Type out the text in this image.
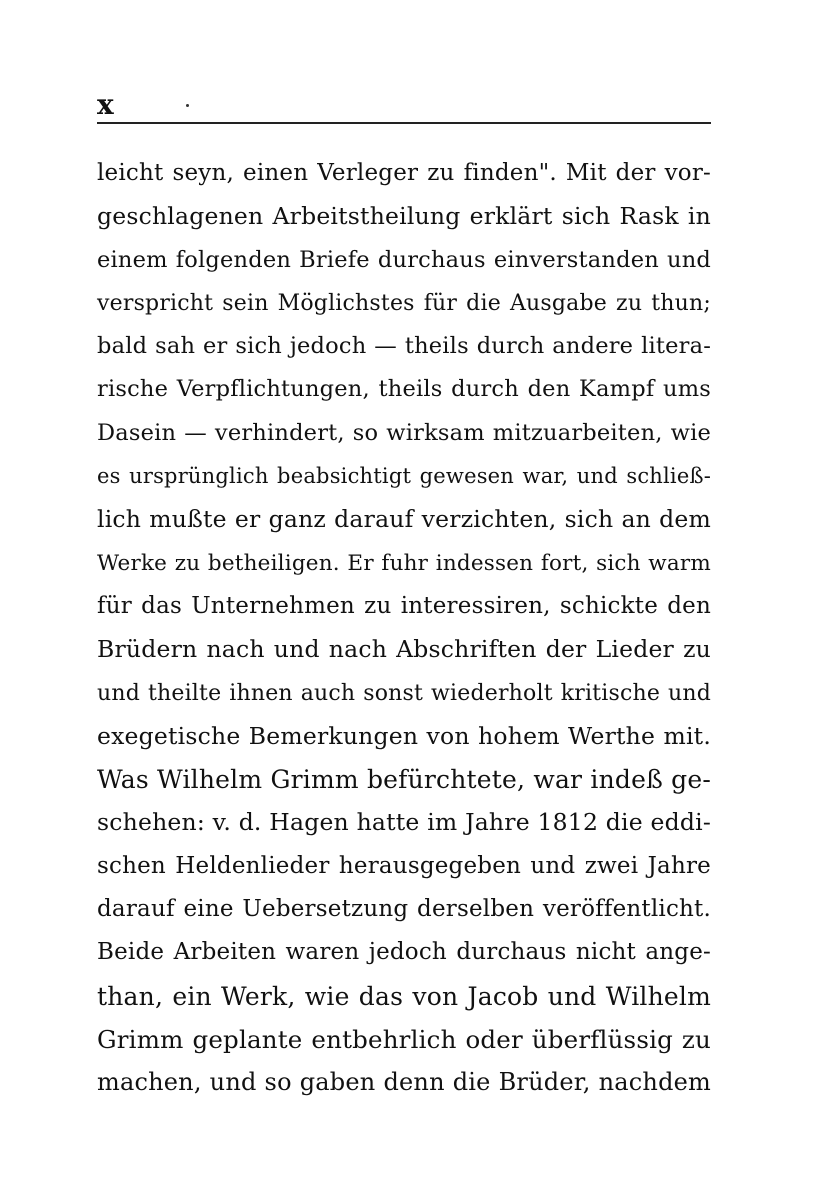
x
leicht seyn, einen Verleger zu finden". Mit der vor-
geschlagenen Arbeitstheilung erklärt sich Rask in
einem folgenden Briefe durchaus einverstanden und
verspricht sein Möglichstes für die Ausgabe zu thun;
bald sah er sich jedoch — theils durch andere litera-
rische Verpflichtungen, theils durch den Kampf ums
Dasein — verhindert, so wirksam mitzuarbeiten, wie
es ursprünglich beabsichtigt gewesen war, und schließ-
lich mußte er ganz darauf verzichten, sich an dem
Werke zu betheiligen. Er fuhr indessen fort, sich warm
für das Unternehmen zu interessiren, schickte den
Brüdern nach und nach Abschriften der Lieder zu
und theilte ihnen auch sonst wiederholt kritische und
exegetische Bemerkungen von hohem Werthe mit.
Was Wilhelm Grimm befürchtete, war indeß ge-
schehen: v. d. Hagen hatte im Jahre 1812 die eddi-
schen Heldenlieder herausgegeben und zwei Jahre
darauf eine Uebersetzung derselben veröffentlicht.
Beide Arbeiten waren jedoch durchaus nicht ange-
than, ein Werk, wie das von Jacob und Wilhelm
Grimm geplante entbehrlich oder überflüssig zu
machen, und so gaben denn die Brüder, nachdem
